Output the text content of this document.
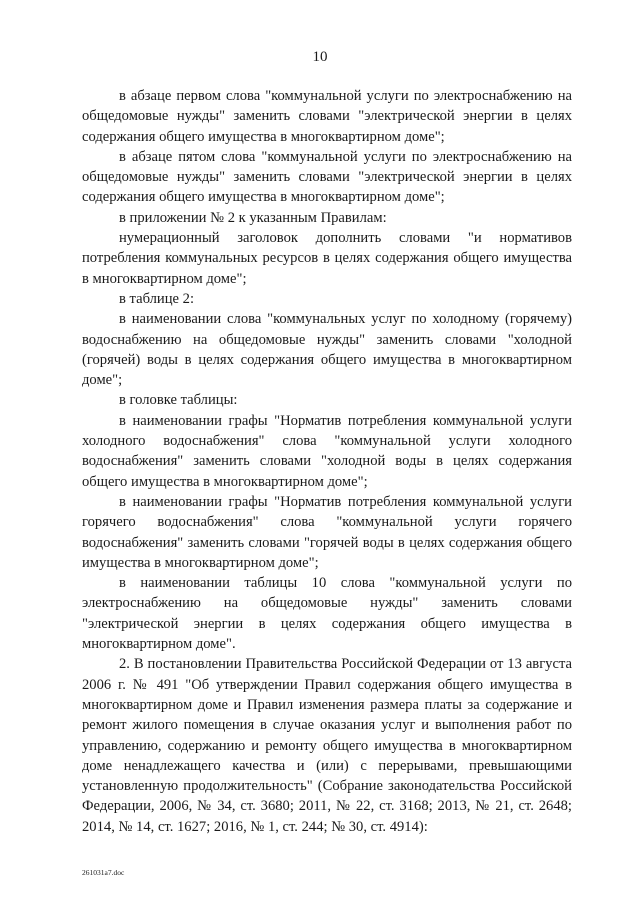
10

в абзаце первом слова "коммунальной услуги по электроснабжению на общедомовые нужды" заменить словами "электрической энергии в целях содержания общего имущества в многоквартирном доме";

в абзаце пятом слова "коммунальной услуги по электроснабжению на общедомовые нужды" заменить словами "электрической энергии в целях содержания общего имущества в многоквартирном доме";

в приложении № 2 к указанным Правилам:

нумерационный заголовок дополнить словами "и нормативов потребления коммунальных ресурсов в целях содержания общего имущества в многоквартирном доме";

в таблице 2:

в наименовании слова "коммунальных услуг по холодному (горячему) водоснабжению на общедомовые нужды" заменить словами "холодной (горячей) воды в целях содержания общего имущества в многоквартирном доме";

в головке таблицы:

в наименовании графы "Норматив потребления коммунальной услуги холодного водоснабжения" слова "коммунальной услуги холодного водоснабжения" заменить словами "холодной воды в целях содержания общего имущества в многоквартирном доме";

в наименовании графы "Норматив потребления коммунальной услуги горячего водоснабжения" слова "коммунальной услуги горячего водоснабжения" заменить словами "горячей воды в целях содержания общего имущества в многоквартирном доме";

в наименовании таблицы 10 слова "коммунальной услуги по электроснабжению на общедомовые нужды" заменить словами "электрической энергии в целях содержания общего имущества в многоквартирном доме".

2. В постановлении Правительства Российской Федерации от 13 августа 2006 г. № 491 "Об утверждении Правил содержания общего имущества в многоквартирном доме и Правил изменения размера платы за содержание и ремонт жилого помещения в случае оказания услуг и выполнения работ по управлению, содержанию и ремонту общего имущества в многоквартирном доме ненадлежащего качества и (или) с перерывами, превышающими установленную продолжительность" (Собрание законодательства Российской Федерации, 2006, № 34, ст. 3680; 2011, № 22, ст. 3168; 2013, № 21, ст. 2648; 2014, № 14, ст. 1627; 2016, № 1, ст. 244; № 30, ст. 4914):

261031a7.doc
